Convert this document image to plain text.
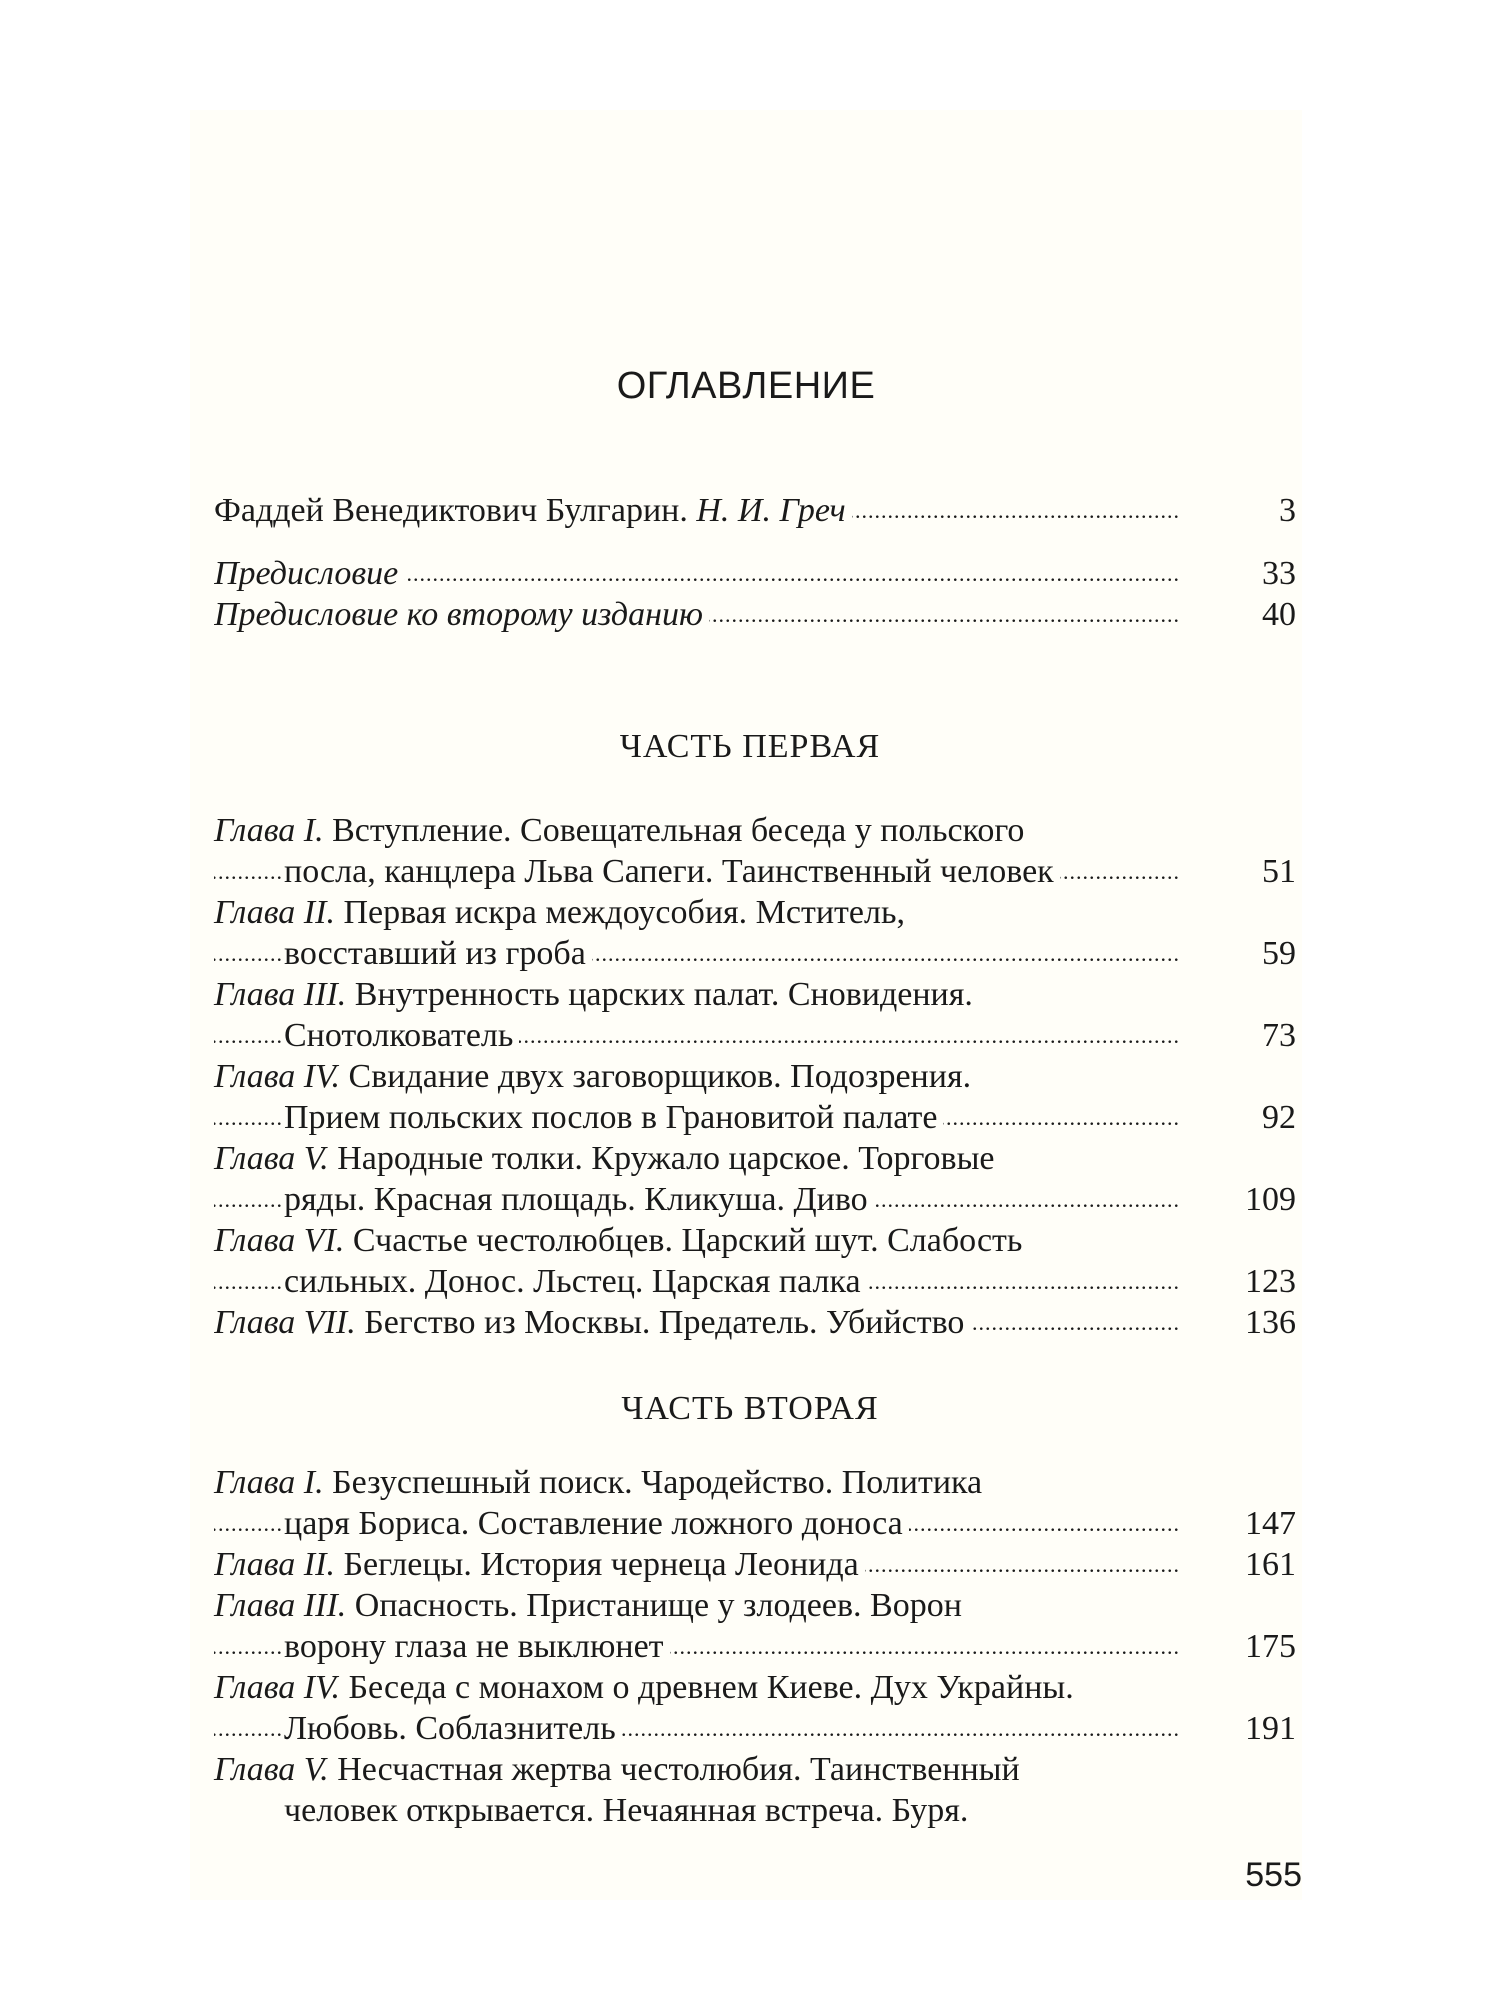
ОГЛАВЛЕНИЕ
Фаддей Венедиктович Булгарин. Н. И. Греч .....	3
Предисловие .....	33
Предисловие ко второму изданию .....	40
ЧАСТЬ ПЕРВАЯ
Глава I. Вступление. Совещательная беседа у польского
посла, канцлера Льва Сапеги. Таинственный человек .....	51
Глава II. Первая искра междоусобия. Мститель,
восставший из гроба .....	59
Глава III. Внутренность царских палат. Сновидения.
Снотолкователь .....	73
Глава IV. Свидание двух заговорщиков. Подозрения.
Прием польских послов в Грановитой палате .....	92
Глава V. Народные толки. Кружало царское. Торговые
ряды. Красная площадь. Кликуша. Диво .....	109
Глава VI. Счастье честолюбцев. Царский шут. Слабость
сильных. Донос. Льстец. Царская палка .....	123
Глава VII. Бегство из Москвы. Предатель. Убийство .....	136
ЧАСТЬ ВТОРАЯ
Глава I. Безуспешный поиск. Чародейство. Политика
царя Бориса. Составление ложного доноса .....	147
Глава II. Беглецы. История чернеца Леонида .....	161
Глава III. Опасность. Пристанище у злодеев. Ворон
ворону глаза не выклюнет .....	175
Глава IV. Беседа с монахом о древнем Киеве. Дух Украйны.
Любовь. Соблазнитель .....	191
Глава V. Несчастная жертва честолюбия. Таинственный
человек открывается. Нечаянная встреча. Буря.
555
